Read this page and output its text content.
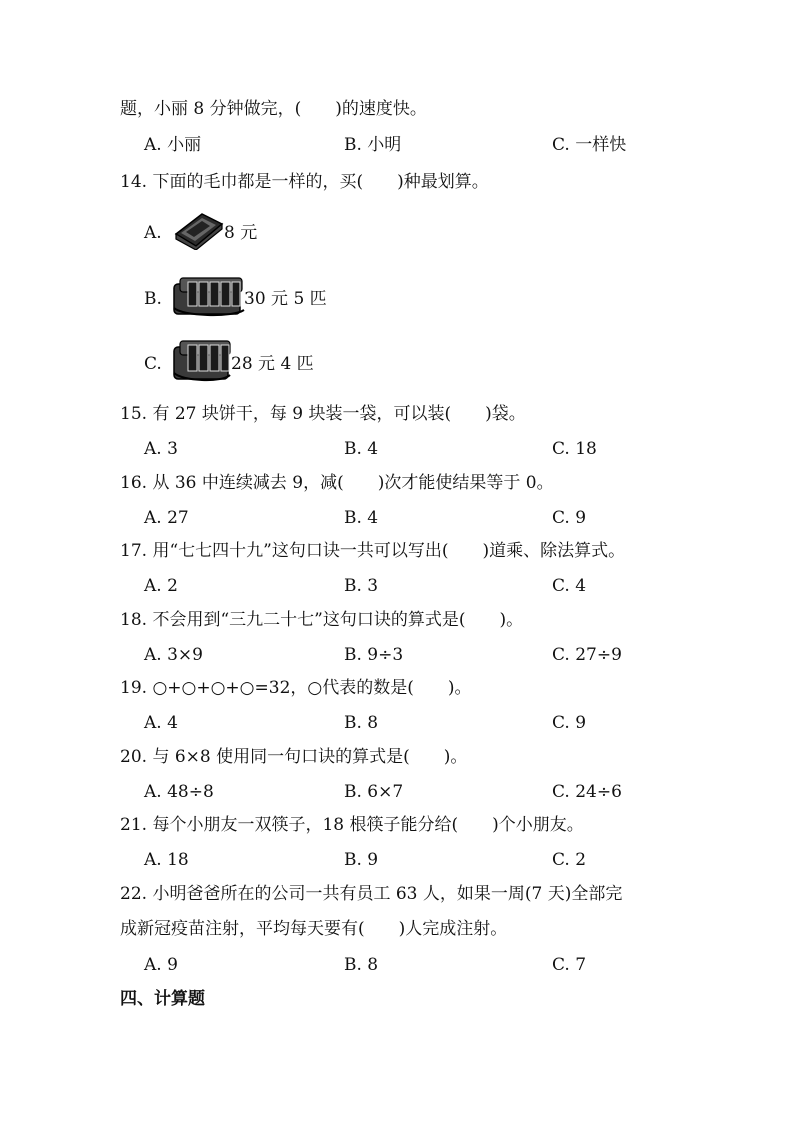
题，小丽 8 分钟做完，(　　)的速度快。
A. 小丽	B. 小明	C. 一样快
14. 下面的毛巾都是一样的，买(　　)种最划算。
A.	8 元
B.	30 元 5 匹
C.	28 元 4 匹
15. 有 27 块饼干，每 9 块装一袋，可以装(　　)袋。
A. 3	B. 4	C. 18
16. 从 36 中连续减去 9，减(　　)次才能使结果等于 0。
A. 27	B. 4	C. 9
17. 用“七七四十九”这句口诀一共可以写出(　　)道乘、除法算式。
A. 2	B. 3	C. 4
18. 不会用到“三九二十七”这句口诀的算式是(　　)。
A. 3×9	B. 9÷3	C. 27÷9
19. ○+○+○+○=32，○代表的数是(　　)。
A. 4	B. 8	C. 9
20. 与 6×8 使用同一句口诀的算式是(　　)。
A. 48÷8	B. 6×7	C. 24÷6
21. 每个小朋友一双筷子，18 根筷子能分给(　　)个小朋友。
A. 18	B. 9	C. 2
22. 小明爸爸所在的公司一共有员工 63 人，如果一周(7 天)全部完
成新冠疫苗注射，平均每天要有(　　)人完成注射。
A. 9	B. 8	C. 7
四、计算题
